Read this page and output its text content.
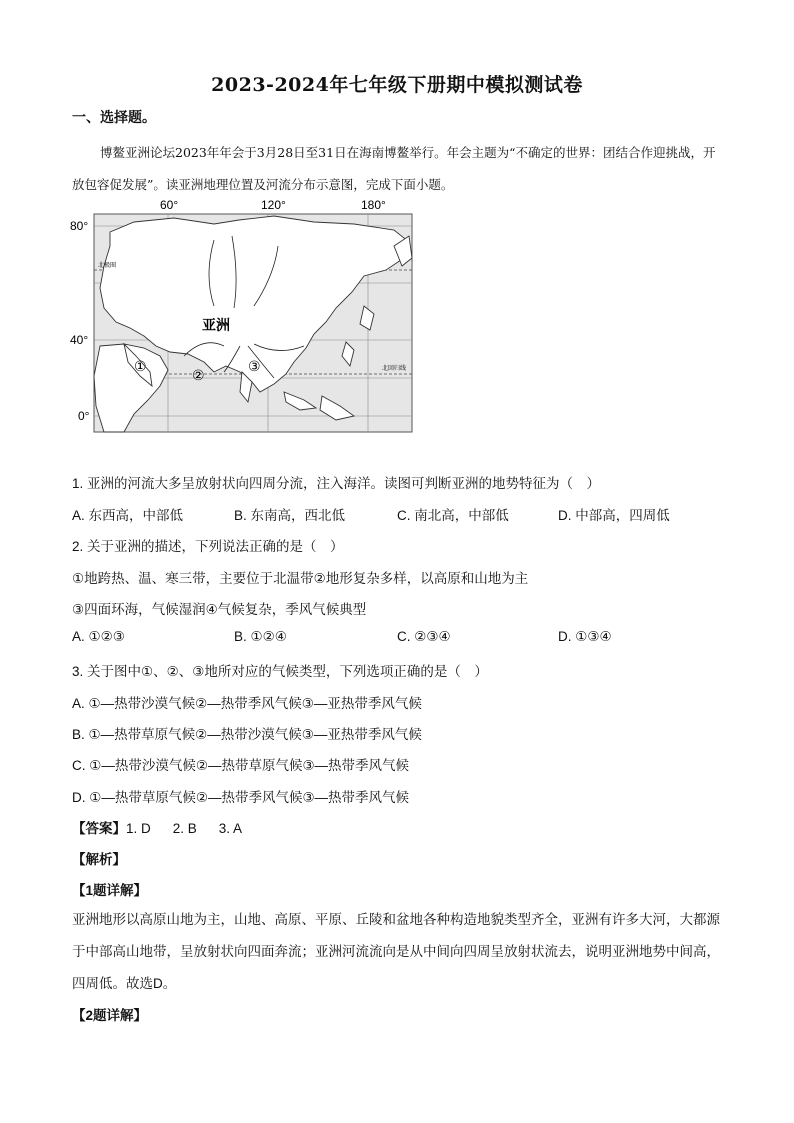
2023-2024年七年级下册期中模拟测试卷
一、选择题。
博鳌亚洲论坛2023年年会于3月28日至31日在海南博鳌举行。年会主题为“不确定的世界：团结合作迎挑战，开放包容促发展”。读亚洲地理位置及河流分布示意图，完成下面小题。
60°	120°	180°
80°
40°
0°
北极圈
北回归线
亚洲
①
②
③
1. 亚洲的河流大多呈放射状向四周分流，注入海洋。读图可判断亚洲的地势特征为（　）
A. 东西高，中部低	B. 东南高，西北低	C. 南北高，中部低	D. 中部高，四周低
2. 关于亚洲的描述，下列说法正确的是（　）
①地跨热、温、寒三带，主要位于北温带②地形复杂多样，以高原和山地为主
③四面环海，气候湿润④气候复杂，季风气候典型
A. ①②③	B. ①②④	C. ②③④	D. ①③④
3. 关于图中①、②、③地所对应的气候类型，下列选项正确的是（　）
A. ①—热带沙漠气候②—热带季风气候③—亚热带季风气候
B. ①—热带草原气候②—热带沙漠气候③—亚热带季风气候
C. ①—热带沙漠气候②—热带草原气候③—热带季风气候
D. ①—热带草原气候②—热带季风气候③—热带季风气候
【答案】1. D 2. B 3. A
【解析】
【1题详解】
亚洲地形以高原山地为主，山地、高原、平原、丘陵和盆地各种构造地貌类型齐全，亚洲有许多大河，大都源于中部高山地带，呈放射状向四面奔流；亚洲河流流向是从中间向四周呈放射状流去，说明亚洲地势中间高，四周低。故选D。
【2题详解】
